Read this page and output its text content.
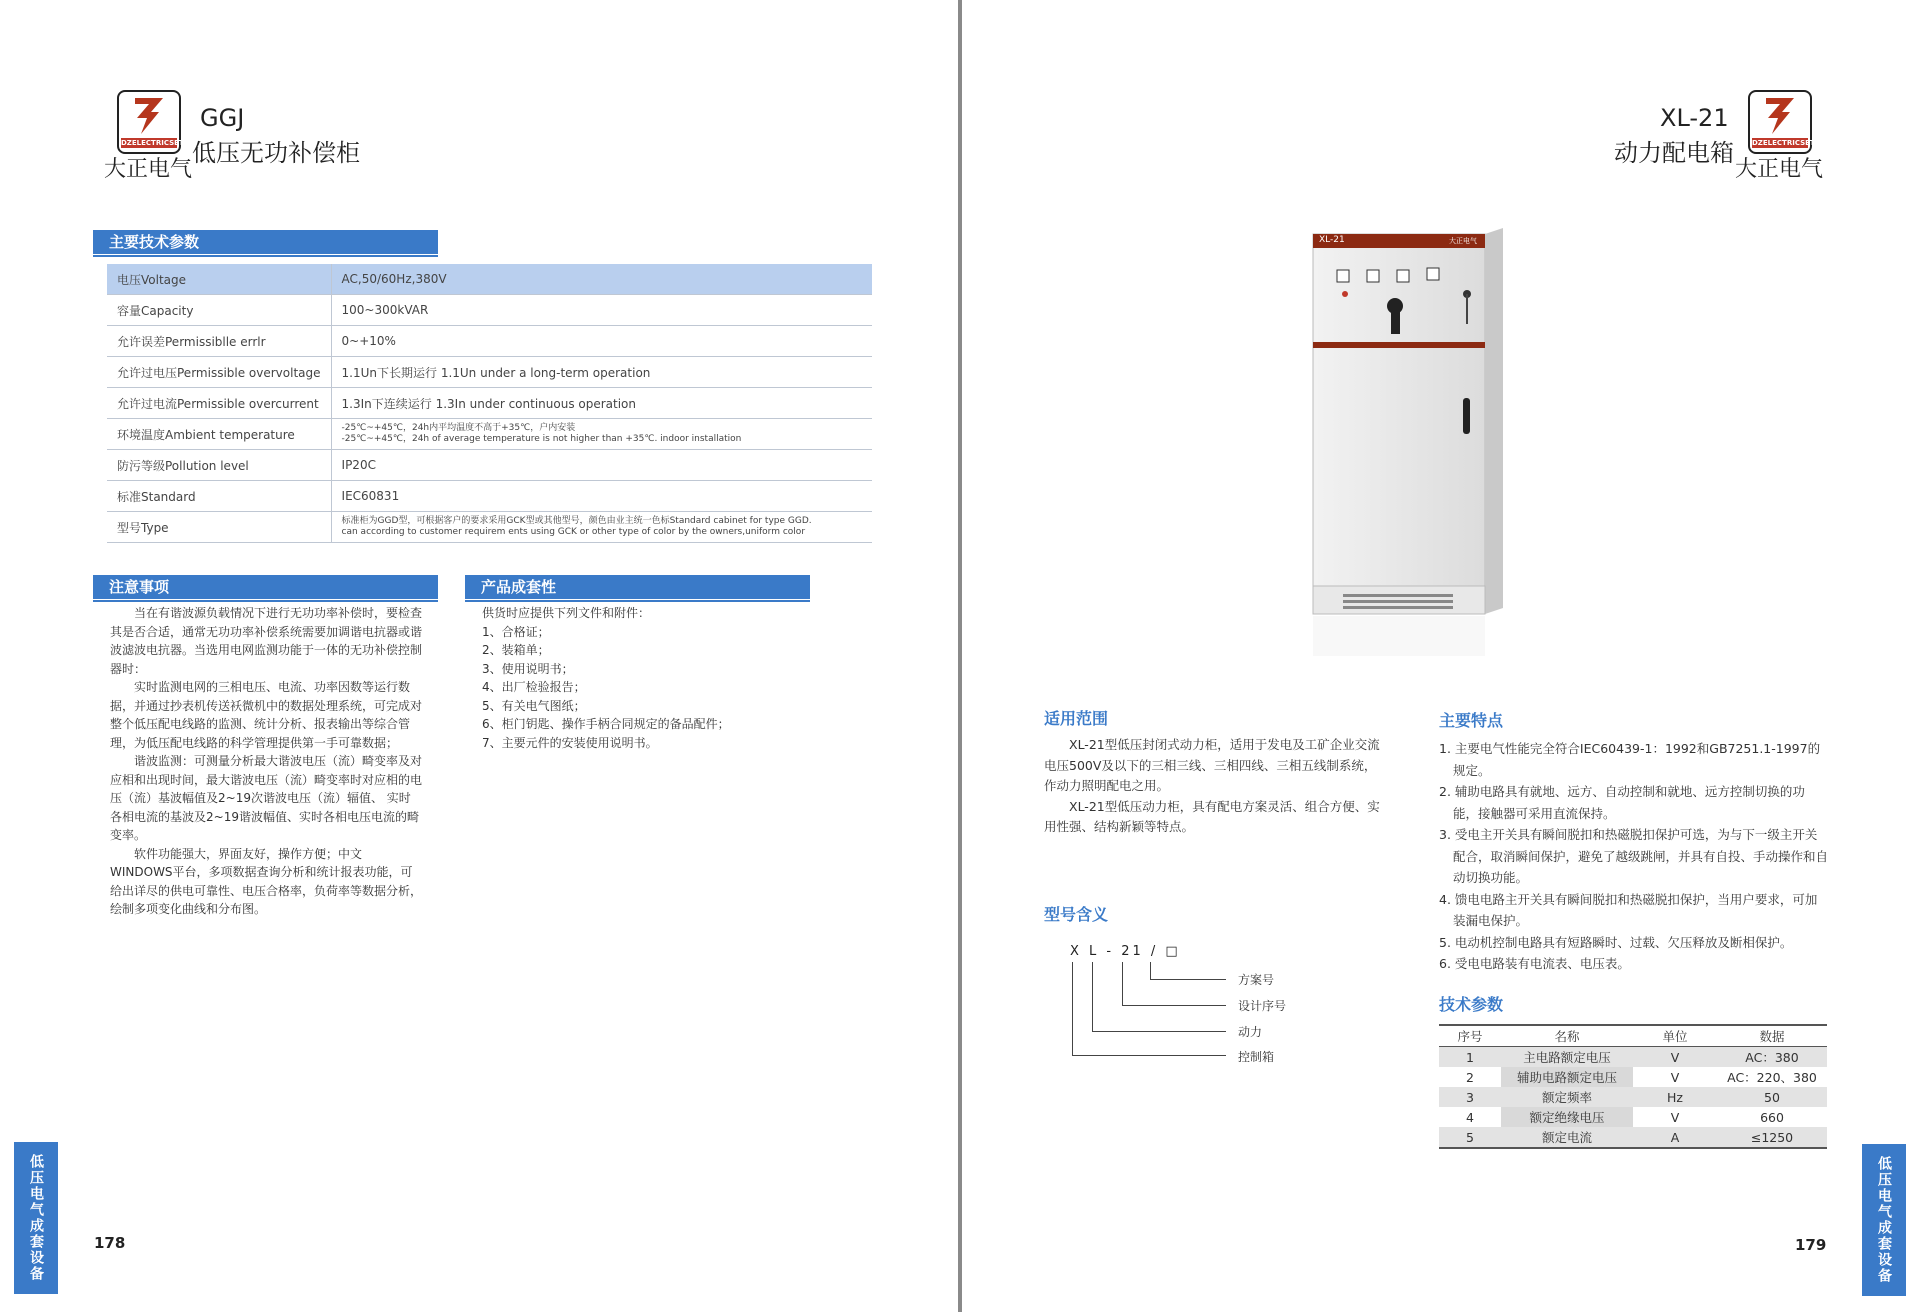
DZELECTRICSET
大正电气
GGJ
低压无功补偿柜
主要技术参数
电压Voltage	AC,50/60Hz,380V
容量Capacity	100~300kVAR
允许误差Permissiblle errlr	0~+10%
允许过电压Permissible overvoltage	1.1Un下长期运行 1.1Un under a long-term operation
允许过电流Permissible overcurrent	1.3In下连续运行 1.3In under continuous operation
环境温度Ambient temperature	-25℃~+45℃，24h内平均温度不高于+35℃，户内安装
-25℃~+45℃，24h of average temperature is not higher than +35℃. indoor installation

防污等级Pollution level	IP20C
标准Standard	IEC60831
型号Type	标准柜为GGD型，可根据客户的要求采用GCK型或其他型号，颜色由业主统一色标Standard cabinet for type GGD.
can according to customer requirem ents using GCK or other type of color by the owners,uniform color
注意事项

当在有谐波源负载情况下进行无功功率补偿时，要检查其是否合适，通常无功功率补偿系统需要加调谐电抗器或谐波滤波电抗器。当选用电网监测功能于一体的无功补偿控制器时：

实时监测电网的三相电压、电流、功率因数等运行数据，并通过抄表机传送袄微机中的数据处理系统，可完成对整个低压配电线路的监测、统计分析、报表输出等综合管理，为低压配电线路的科学管理提供第一手可靠数据；

谐波监测：可测量分析最大谐波电压（流）畸变率及对应相和出现时间，最大谐波电压（流）畸变率时对应相的电压（流）基波幅值及2~19次谐波电压（流）辐值、 实时各相电流的基波及2~19谐波幅值、实时各相电压电流的畸变率。

软件功能强大，界面友好，操作方便；中文WINDOWS平台，多项数据查询分析和统计报表功能，可给出详尽的供电可靠性、电压合格率，负荷率等数据分析，绘制多项变化曲线和分布图。

产品成套性
供货时应提供下列文件和附件：
1、合格证；
2、装箱单；
3、使用说明书；
4、出厂检验报告；
5、有关电气图纸；
6、柜门钥匙、操作手柄合同规定的备品配件；
7、主要元件的安装使用说明书。
低压电气成套设备	178
XL-21
动力配电箱	DZELECTRICSET
大正电气
XL-21	大正电气
适用范围

XL-21型低压封闭式动力柜，适用于发电及工矿企业交流电压500V及以下的三相三线、三相四线、三相五线制系统，作动力照明配电之用。

XL-21型低压动力柜，具有配电方案灵活、组合方便、实用性强、结构新颖等特点。

型号含义
X L - 21 / □
方案号
设计序号
动力
控制箱
主要特点
1. 主要电气性能完全符合IEC60439-1：1992和GB7251.1-1997的规定。
2. 辅助电路具有就地、远方、自动控制和就地、远方控制切换的功能，接触器可采用直流保持。
3. 受电主开关具有瞬间脱扣和热磁脱扣保护可选，为与下一级主开关配合，取消瞬间保护，避免了越级跳闸，并具有自投、手动操作和自动切换功能。
4. 馈电电路主开关具有瞬间脱扣和热磁脱扣保护，当用户要求，可加装漏电保护。
5. 电动机控制电路具有短路瞬时、过载、欠压释放及断相保护。
6. 受电电路装有电流表、电压表。
技术参数
序号	名称	单位	数据
1	主电路额定电压	V	AC：380
2	辅助电路额定电压	V	AC：220、380
3	额定频率	Hz	50
4	额定绝缘电压	V	660
5	额定电流	A	≤1250
179	低压电气成套设备
